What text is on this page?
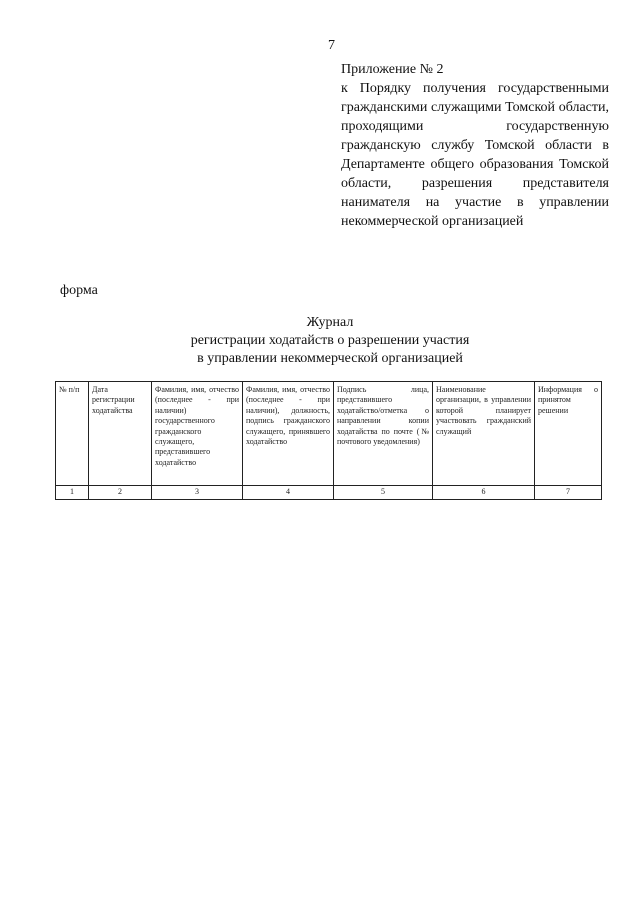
7
Приложение № 2
к Порядку получения государственными гражданскими служащими Томской области, проходящими государственную гражданскую службу Томской области в Департаменте общего образования Томской области, разрешения представителя нанимателя на участие в управлении некоммерческой организацией
форма
Журнал
регистрации ходатайств о разрешении участия
в управлении некоммерческой организацией
№ п/п	Дата регистрации ходатайства	Фамилия, имя, отчество (последнее - при наличии) государственного гражданского служащего, представившего ходатайство	Фамилия, имя, отчество (последнее - при наличии), должность, подпись гражданского служащего, принявшего ходатайство	Подпись лица, представившего ходатайство/отметка о направлении копии ходатайства по почте (№ почтового уведомления)	Наименование организации, в управлении которой планирует участвовать гражданский служащий	Информация о принятом решении
1	2	3	4	5	6	7
